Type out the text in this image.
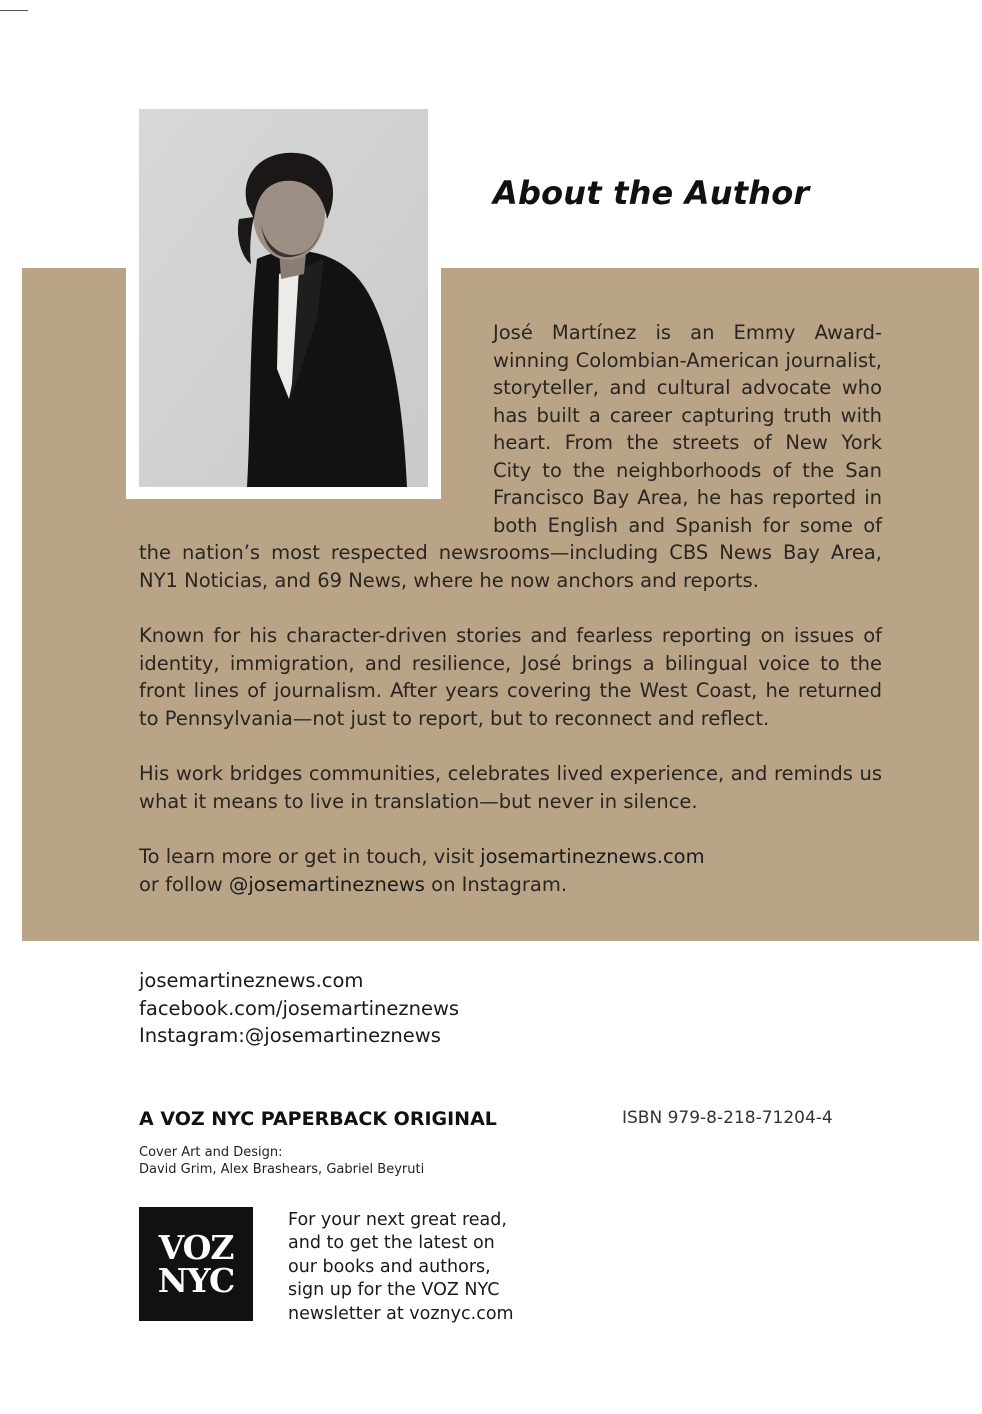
About the Author

José Martínez is an Emmy Award-winning Colombian-American journalist, storyteller, and cultural advocate who has built a career capturing truth with heart. From the streets of New York City to the neighborhoods of the San Francisco Bay Area, he has reported in both English and Spanish for some of the nation’s most respected newsrooms—including CBS News Bay Area, NY1 Noticias, and 69 News, where he now anchors and reports.

Known for his character-driven stories and fearless reporting on issues of identity, immigration, and resilience, José brings a bilingual voice to the front lines of journalism. After years covering the West Coast, he returned to Pennsylvania—not just to report, but to reconnect and reflect.

His work bridges communities, celebrates lived experience, and reminds us what it means to live in translation—but never in silence.

To learn more or get in touch, visit josemartineznews.com
or follow @josemartineznews on Instagram.

josemartineznews.com
facebook.com/josemartineznews
Instagram:@josemartineznews
A VOZ NYC PAPERBACK ORIGINAL	ISBN 979-8-218-71204-4
Cover Art and Design:
David Grim, Alex Brashears, Gabriel Beyruti
VOZ
NYC
For your next great read,
and to get the latest on
our books and authors,
sign up for the VOZ NYC
newsletter at voznyc.com
